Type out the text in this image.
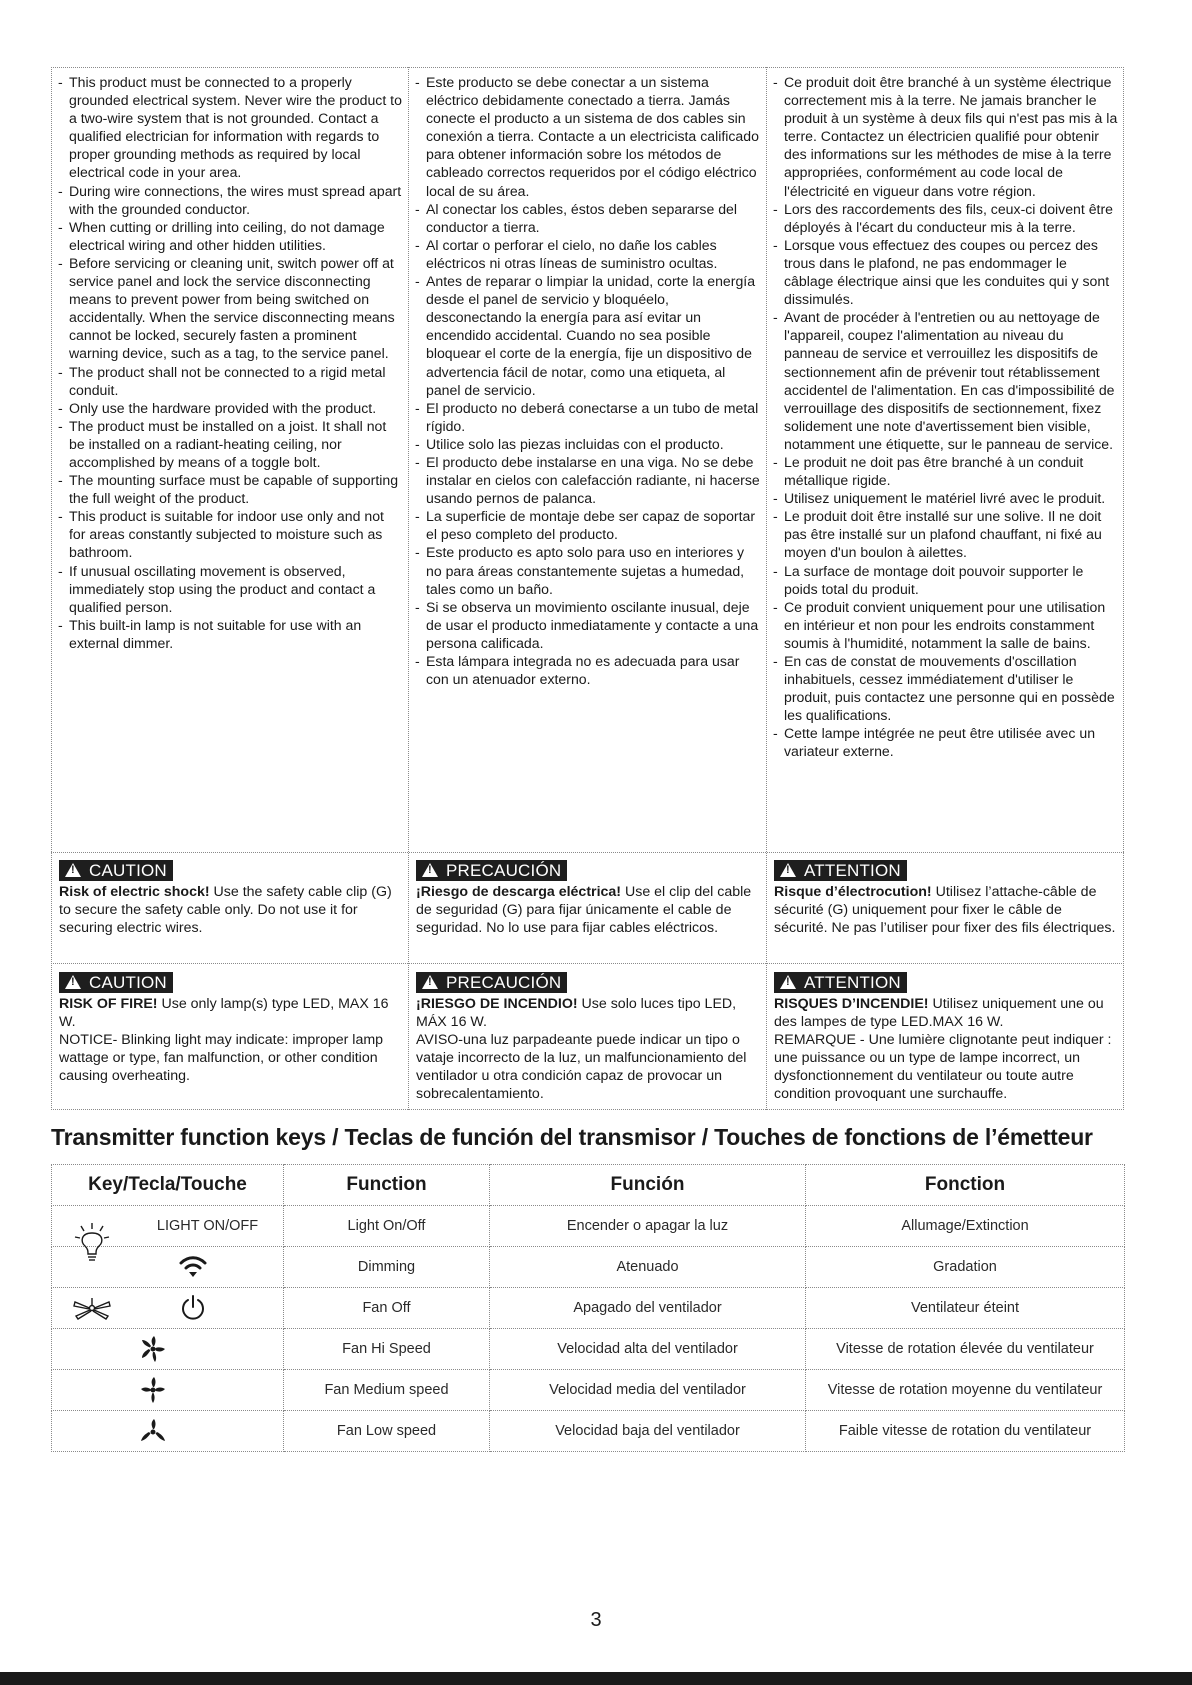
- This product must be connected to a properly grounded electrical system. Never wire the product to a two-wire system that is not grounded. Contact a qualified electrician for information with regards to proper grounding methods as required by local electrical code in your area.
- During wire connections, the wires must spread apart with the grounded conductor.
- When cutting or drilling into ceiling, do not damage electrical wiring and other hidden utilities.
- Before servicing or cleaning unit, switch power off at service panel and lock the service disconnecting means to prevent power from being switched on accidentally. When the service disconnecting means cannot be locked, securely fasten a prominent warning device, such as a tag, to the service panel.
- The product shall not be connected to a rigid metal conduit.
- Only use the hardware provided with the product.
- The product must be installed on a joist. It shall not be installed on a radiant-heating ceiling, nor accomplished by means of a toggle bolt.
- The mounting surface must be capable of supporting the full weight of the product.
- This product is suitable for indoor use only and not for areas constantly subjected to moisture such as bathroom.
- If unusual oscillating movement is observed, immediately stop using the product and contact a qualified person.
- This built-in lamp is not suitable for use with an external dimmer.
- Este producto se debe conectar a un sistema eléctrico debidamente conectado a tierra. Jamás conecte el producto a un sistema de dos cables sin conexión a tierra. Contacte a un electricista calificado para obtener información sobre los métodos de cableado correctos requeridos por el código eléctrico local de su área.
- Al conectar los cables, éstos deben separarse del conductor a tierra.
- Al cortar o perforar el cielo, no dañe los cables eléctricos ni otras líneas de suministro ocultas.
- Antes de reparar o limpiar la unidad, corte la energía desde el panel de servicio y bloquéelo, desconectando la energía para así evitar un encendido accidental. Cuando no sea posible bloquear el corte de la energía, fije un dispositivo de advertencia fácil de notar, como una etiqueta, al panel de servicio.
- El producto no deberá conectarse a un tubo de metal rígido.
- Utilice solo las piezas incluidas con el producto.
- El producto debe instalarse en una viga. No se debe instalar en cielos con calefacción radiante, ni hacerse usando pernos de palanca.
- La superficie de montaje debe ser capaz de soportar el peso completo del producto.
- Este producto es apto solo para uso en interiores y no para áreas constantemente sujetas a humedad, tales como un baño.
- Si se observa un movimiento oscilante inusual, deje de usar el producto inmediatamente y contacte a una persona calificada.
- Esta lámpara integrada no es adecuada para usar con un atenuador externo.
- Ce produit doit être branché à un système électrique correctement mis à la terre. Ne jamais brancher le produit à un système à deux fils qui n'est pas mis à la terre. Contactez un électricien qualifié pour obtenir des informations sur les méthodes de mise à la terre appropriées, conformément au code local de l'électricité en vigueur dans votre région.
- Lors des raccordements des fils, ceux-ci doivent être déployés à l'écart du conducteur mis à la terre.
- Lorsque vous effectuez des coupes ou percez des trous dans le plafond, ne pas endommager le câblage électrique ainsi que les conduites qui y sont dissimulés.
- Avant de procéder à l'entretien ou au nettoyage de l'appareil, coupez l'alimentation au niveau du panneau de service et verrouillez les dispositifs de sectionnement afin de prévenir tout rétablissement accidentel de l'alimentation. En cas d'impossibilité de verrouillage des dispositifs de sectionnement, fixez solidement une note d'avertissement bien visible, notamment une étiquette, sur le panneau de service.
- Le produit ne doit pas être branché à un conduit métallique rigide.
- Utilisez uniquement le matériel livré avec le produit.
- Le produit doit être installé sur une solive. Il ne doit pas être installé sur un plafond chauffant, ni fixé au moyen d'un boulon à ailettes.
- La surface de montage doit pouvoir supporter le poids total du produit.
- Ce produit convient uniquement pour une utilisation en intérieur et non pour les endroits constamment soumis à l'humidité, notamment la salle de bains.
- En cas de constat de mouvements d'oscillation inhabituels, cessez immédiatement d'utiliser le produit, puis contactez une personne qui en possède les qualifications.
- Cette lampe intégrée ne peut être utilisée avec un variateur externe.
!CAUTION

Risk of electric shock! Use the safety cable clip (G) to secure the safety cable only. Do not use it for securing electric wires.

!PRECAUCIÓN

¡Riesgo de descarga eléctrica! Use el clip del cable de seguridad (G) para fijar únicamente el cable de seguridad. No lo use para fijar cables eléctricos.

!ATTENTION

Risque d’électrocution! Utilisez l’attache-câble de sécurité (G) uniquement pour fixer le câble de sécurité. Ne pas l’utiliser pour fixer des fils électriques.

!CAUTION

RISK OF FIRE! Use only lamp(s) type LED, MAX 16 W.

NOTICE- Blinking light may indicate: improper lamp wattage or type, fan malfunction, or other condition causing overheating.

!PRECAUCIÓN

¡RIESGO DE INCENDIO! Use solo luces tipo LED, MÁX 16 W.

AVISO-una luz parpadeante puede indicar un tipo o vataje incorrecto de la luz, un malfuncionamiento del ventilador u otra condición capaz de provocar un sobrecalentamiento.

!ATTENTION

RISQUES D’INCENDIE! Utilisez uniquement une ou des lampes de type LED.MAX 16 W.

REMARQUE - Une lumière clignotante peut indiquer : une puissance ou un type de lampe incorrect, un dysfonctionnement du ventilateur ou toute autre condition provoquant une surchauffe.

Transmitter function keys / Teclas de función del transmisor / Touches de fonctions de l’émetteur
Key/Tecla/Touche	Function	Función	Fonction

LIGHT ON/OFF	Light On/Off	Encender o apagar la luz	Allumage/Extinction

	Dimming	Atenuado	Gradation

	Fan Off	Apagado del ventilador	Ventilateur éteint

	Fan Hi Speed	Velocidad alta del ventilador	Vitesse de rotation élevée du ventilateur

	Fan Medium speed	Velocidad media del ventilador	Vitesse de rotation moyenne du ventilateur

	Fan Low speed	Velocidad baja del ventilador	Faible vitesse de rotation du ventilateur
3
